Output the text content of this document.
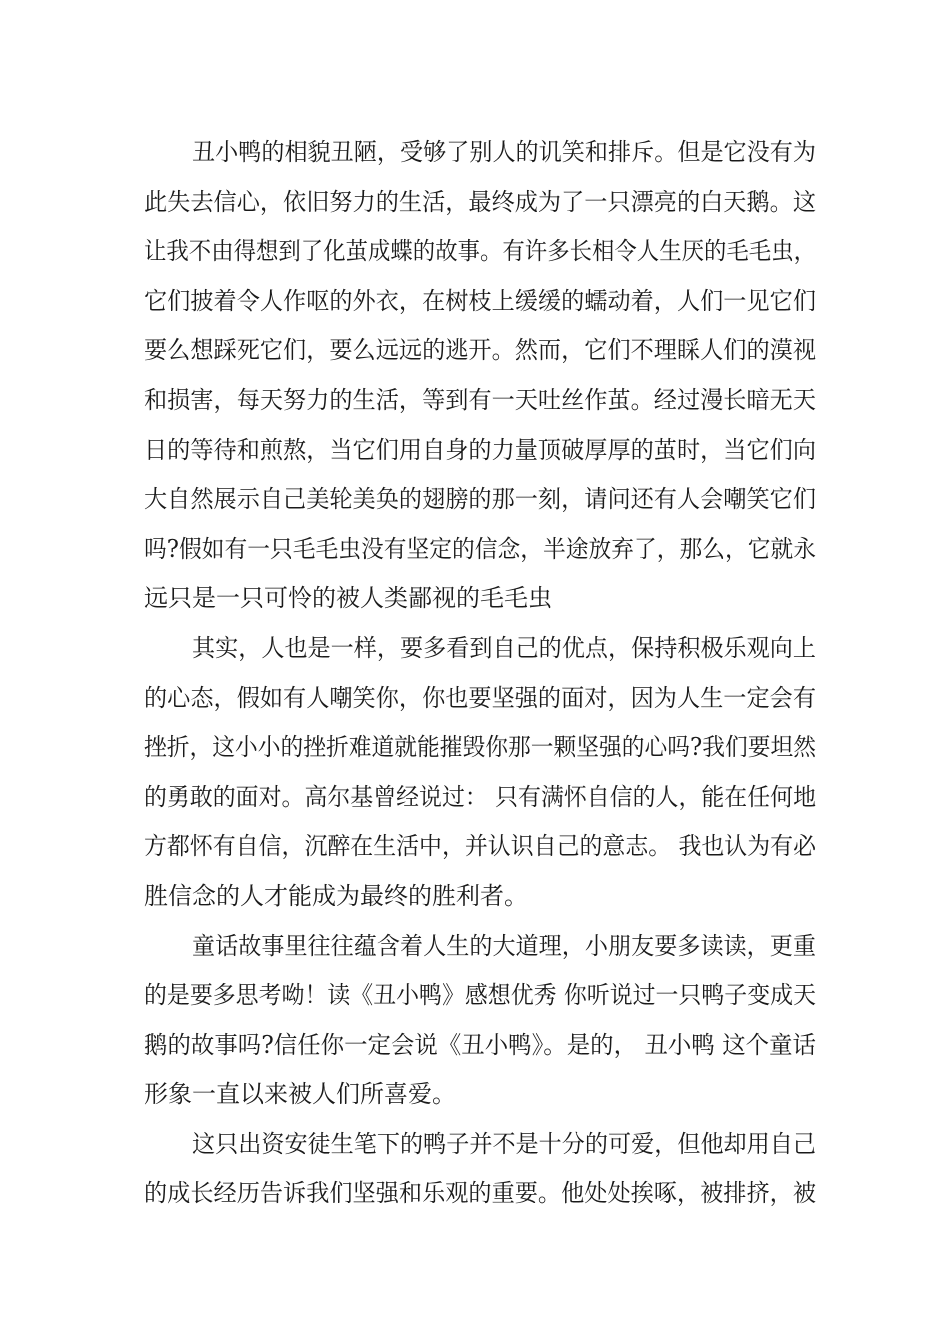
丑小鸭的相貌丑陋，受够了别人的讥笑和排斥。但是它没有为
此失去信心，依旧努力的生活，最终成为了一只漂亮的白天鹅。这
让我不由得想到了化茧成蝶的故事。有许多长相令人生厌的毛毛虫，
它们披着令人作呕的外衣，在树枝上缓缓的蠕动着，人们一见它们
要么想踩死它们，要么远远的逃开。然而，它们不理睬人们的漠视
和损害，每天努力的生活，等到有一天吐丝作茧。经过漫长暗无天
日的等待和煎熬，当它们用自身的力量顶破厚厚的茧时，当它们向
大自然展示自己美轮美奂的翅膀的那一刻，请问还有人会嘲笑它们
吗?假如有一只毛毛虫没有坚定的信念，半途放弃了，那么，它就永
远只是一只可怜的被人类鄙视的毛毛虫

其实，人也是一样，要多看到自己的优点，保持积极乐观向上
的心态，假如有人嘲笑你，你也要坚强的面对，因为人生一定会有
挫折，这小小的挫折难道就能摧毁你那一颗坚强的心吗?我们要坦然
的勇敢的面对。高尔基曾经说过： 只有满怀自信的人，能在任何地
方都怀有自信，沉醉在生活中，并认识自己的意志。 我也认为有必
胜信念的人才能成为最终的胜利者。

童话故事里往往蕴含着人生的大道理，小朋友要多读读，更重
的是要多思考呦！读《丑小鸭》感想优秀 你听说过一只鸭子变成天
鹅的故事吗?信任你一定会说《丑小鸭》。是的， 丑小鸭 这个童话
形象一直以来被人们所喜爱。

这只出资安徒生笔下的鸭子并不是十分的可爱，但他却用自己
的成长经历告诉我们坚强和乐观的重要。他处处挨啄，被排挤，被
